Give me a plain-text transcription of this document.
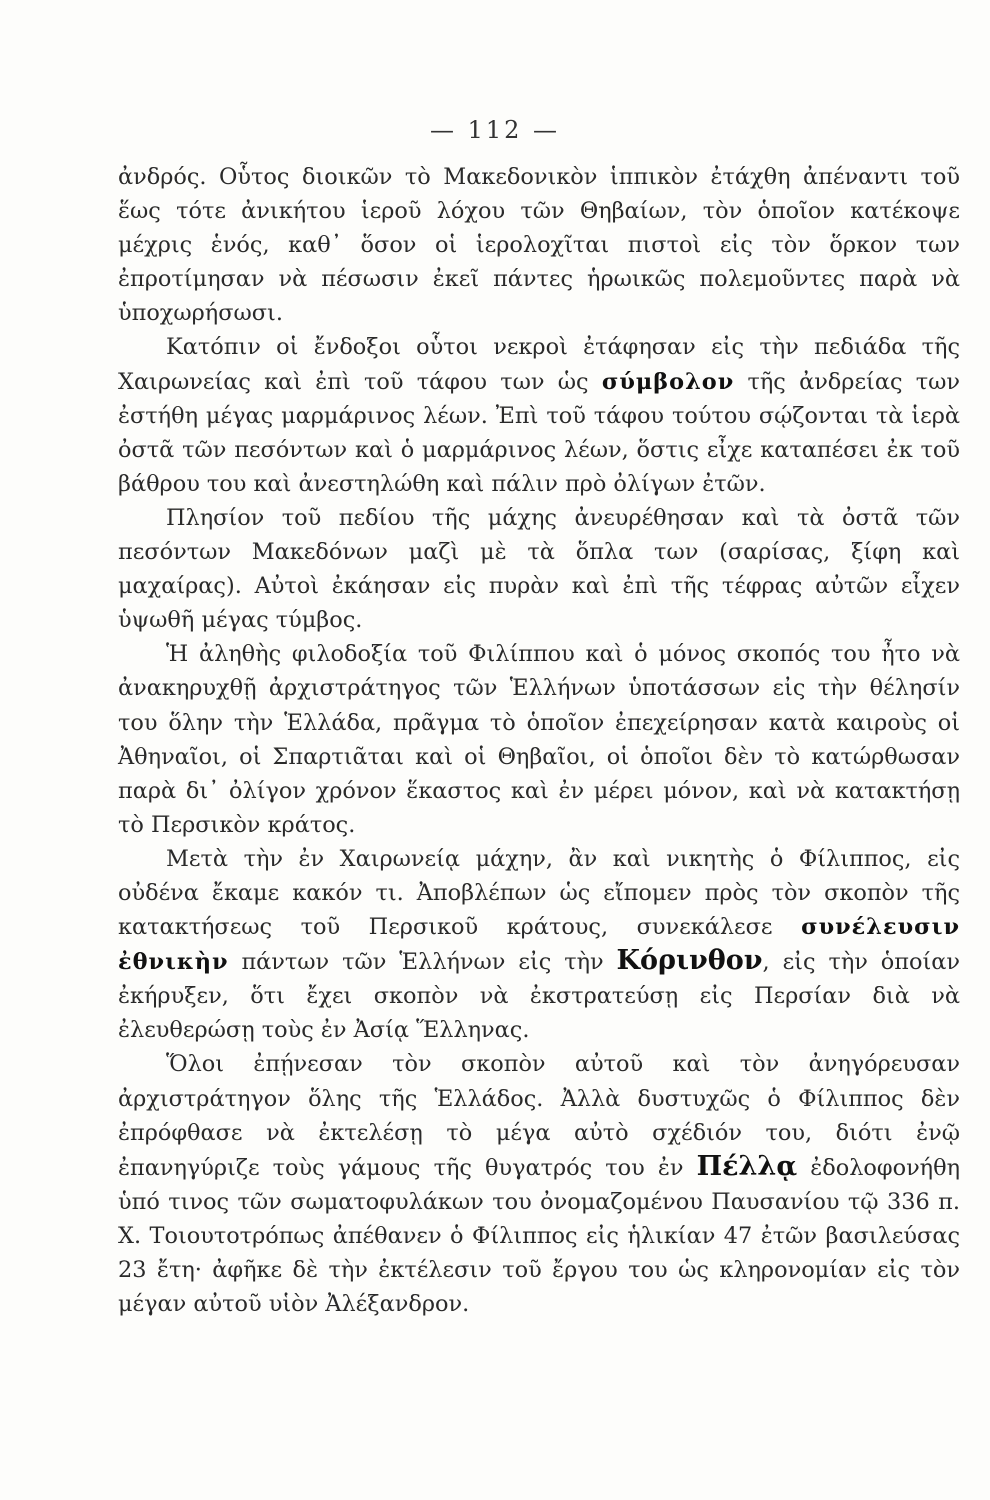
— 112 —

ἀνδρός. Οὗτος διοικῶν τὸ Μακεδονικὸν ἱππικὸν ἐτάχθη ἀπέναντι τοῦ ἕως τότε ἀνικήτου ἱεροῦ λόχου τῶν Θηβαίων, τὸν ὁποῖον κατέκοψε μέχρις ἑνός, καθ᾽ ὅσον οἱ ἱερολοχῖται πιστοὶ εἰς τὸν ὅρκον των ἐπροτίμησαν νὰ πέσωσιν ἐκεῖ πάντες ἡρωικῶς πολεμοῦντες παρὰ νὰ ὑποχωρήσωσι.

Κατόπιν οἱ ἔνδοξοι οὗτοι νεκροὶ ἐτάφησαν εἰς τὴν πεδιάδα τῆς Χαιρωνείας καὶ ἐπὶ τοῦ τάφου των ὡς σύμβολον τῆς ἀνδρείας των ἐστήθη μέγας μαρμάρινος λέων. Ἐπὶ τοῦ τάφου τούτου σῴζονται τὰ ἱερὰ ὀστᾶ τῶν πεσόντων καὶ ὁ μαρμάρινος λέων, ὅστις εἶχε καταπέσει ἐκ τοῦ βάθρου του καὶ ἀνεστηλώθη καὶ πάλιν πρὸ ὀλίγων ἐτῶν.

Πλησίον τοῦ πεδίου τῆς μάχης ἀνευρέθησαν καὶ τὰ ὀστᾶ τῶν πεσόντων Μακεδόνων μαζὶ μὲ τὰ ὅπλα των (σαρίσας, ξίφη καὶ μαχαίρας). Αὐτοὶ ἐκάησαν εἰς πυρὰν καὶ ἐπὶ τῆς τέφρας αὐτῶν εἶχεν ὑψωθῆ μέγας τύμβος.

Ἡ ἀληθὴς φιλοδοξία τοῦ Φιλίππου καὶ ὁ μόνος σκοπός του ἦτο νὰ ἀνακηρυχθῇ ἀρχιστράτηγος τῶν Ἑλλήνων ὑποτάσσων εἰς τὴν θέλησίν του ὅλην τὴν Ἑλλάδα, πρᾶγμα τὸ ὁποῖον ἐπεχείρησαν κατὰ καιροὺς οἱ Ἀθηναῖοι, οἱ Σπαρτιᾶται καὶ οἱ Θηβαῖοι, οἱ ὁποῖοι δὲν τὸ κατώρθωσαν παρὰ δι᾽ ὀλίγον χρόνον ἕκαστος καὶ ἐν μέρει μόνον, καὶ νὰ κατακτήσῃ τὸ Περσικὸν κράτος.

Μετὰ τὴν ἐν Χαιρωνείᾳ μάχην, ἂν καὶ νικητὴς ὁ Φίλιππος, εἰς οὐδένα ἔκαμε κακόν τι. Ἀποβλέπων ὡς εἴπομεν πρὸς τὸν σκοπὸν τῆς κατακτήσεως τοῦ Περσικοῦ κράτους, συνεκάλεσε συνέλευσιν ἐθνικὴν πάντων τῶν Ἑλλήνων εἰς τὴν Κόρινθον, εἰς τὴν ὁποίαν ἐκήρυξεν, ὅτι ἔχει σκοπὸν νὰ ἐκστρατεύσῃ εἰς Περσίαν διὰ νὰ ἐλευθερώσῃ τοὺς ἐν Ἀσίᾳ Ἕλληνας.

Ὅλοι ἐπῄνεσαν τὸν σκοπὸν αὐτοῦ καὶ τὸν ἀνηγόρευσαν ἀρχιστράτηγον ὅλης τῆς Ἑλλάδος. Ἀλλὰ δυστυχῶς ὁ Φίλιππος δὲν ἐπρόφθασε νὰ ἐκτελέσῃ τὸ μέγα αὐτὸ σχέδιόν του, διότι ἐνῷ ἐπανηγύριζε τοὺς γάμους τῆς θυγατρός του ἐν Πέλλᾳ ἐδολοφονήθη ὑπό τινος τῶν σωματοφυλάκων του ὀνομαζομένου Παυσανίου τῷ 336 π. Χ. Τοιουτοτρόπως ἀπέθανεν ὁ Φίλιππος εἰς ἡλικίαν 47 ἐτῶν βασιλεύσας 23 ἔτη· ἀφῆκε δὲ τὴν ἐκτέλεσιν τοῦ ἔργου του ὡς κληρονομίαν εἰς τὸν μέγαν αὐτοῦ υἱὸν Ἀλέξανδρον.
